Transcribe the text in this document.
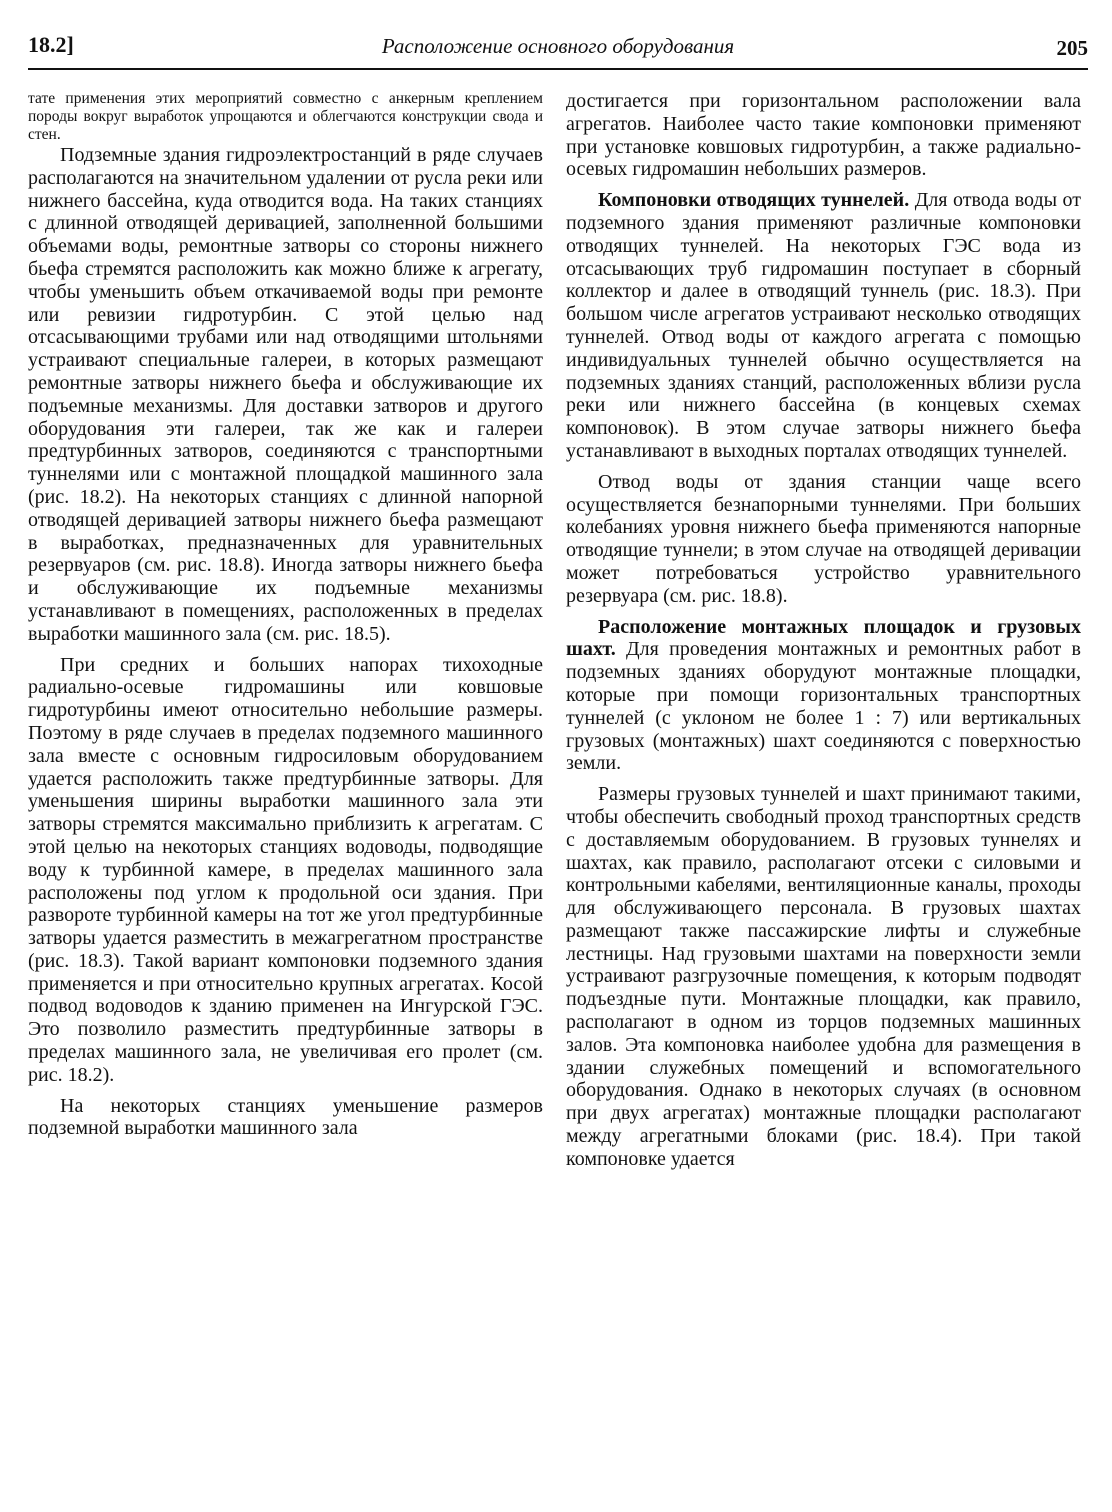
18.2]	Расположение основного оборудования	205

тате применения этих мероприятий совместно с анкерным креплением породы вокруг выработок упрощаются и облегчаются конструкции свода и стен.

Подземные здания гидроэлектростанций в ряде случаев располагаются на значительном удалении от русла реки или нижнего бассейна, куда отводится вода. На таких станциях с длинной отводящей деривацией, заполненной большими объемами воды, ремонтные затворы со стороны нижнего бьефа стремятся расположить как можно ближе к агрегату, чтобы уменьшить объем откачиваемой воды при ремонте или ревизии гидротурбин. С этой целью над отсасывающими трубами или над отводящими штольнями устраивают специальные галереи, в которых размещают ремонтные затворы нижнего бьефа и обслуживающие их подъемные механизмы. Для доставки затворов и другого оборудования эти галереи, так же как и галереи предтурбинных затворов, соединяются с транспортными туннелями или с монтажной площадкой машинного зала (рис. 18.2). На некоторых станциях с длинной напорной отводящей деривацией затворы нижнего бьефа размещают в выработках, предназначенных для уравнительных резервуаров (см. рис. 18.8). Иногда затворы нижнего бьефа и обслуживающие их подъемные механизмы устанавливают в помещениях, расположенных в пределах выработки машинного зала (см. рис. 18.5).

При средних и больших напорах тихоходные радиально-осевые гидромашины или ковшовые гидротурбины имеют относительно небольшие размеры. Поэтому в ряде случаев в пределах подземного машинного зала вместе с основным гидросиловым оборудованием удается расположить также предтурбинные затворы. Для уменьшения ширины выработки машинного зала эти затворы стремятся максимально приблизить к агрегатам. С этой целью на некоторых станциях водоводы, подводящие воду к турбинной камере, в пределах машинного зала расположены под углом к продольной оси здания. При развороте турбинной камеры на тот же угол предтурбинные затворы удается разместить в межагрегатном пространстве (рис. 18.3). Такой вариант компоновки подземного здания применяется и при относительно крупных агрегатах. Косой подвод водоводов к зданию применен на Ингурской ГЭС. Это позволило разместить предтурбинные затворы в пределах машинного зала, не увеличивая его пролет (см. рис. 18.2).

На некоторых станциях уменьшение размеров подземной выработки машинного зала

достигается при горизонтальном расположении вала агрегатов. Наиболее часто такие компоновки применяют при установке ковшовых гидротурбин, а также радиально-осевых гидромашин небольших размеров.

Компоновки отводящих туннелей. Для отвода воды от подземного здания применяют различные компоновки отводящих туннелей. На некоторых ГЭС вода из отсасывающих труб гидромашин поступает в сборный коллектор и далее в отводящий туннель (рис. 18.3). При большом числе агрегатов устраивают несколько отводящих туннелей. Отвод воды от каждого агрегата с помощью индивидуальных туннелей обычно осуществляется на подземных зданиях станций, расположенных вблизи русла реки или нижнего бассейна (в концевых схемах компоновок). В этом случае затворы нижнего бьефа устанавливают в выходных порталах отводящих туннелей.

Отвод воды от здания станции чаще всего осуществляется безнапорными туннелями. При больших колебаниях уровня нижнего бьефа применяются напорные отводящие туннели; в этом случае на отводящей деривации может потребоваться устройство уравнительного резервуара (см. рис. 18.8).

Расположение монтажных площадок и грузовых шахт. Для проведения монтажных и ремонтных работ в подземных зданиях оборудуют монтажные площадки, которые при помощи горизонтальных транспортных туннелей (с уклоном не более 1 : 7) или вертикальных грузовых (монтажных) шахт соединяются с поверхностью земли.

Размеры грузовых туннелей и шахт принимают такими, чтобы обеспечить свободный проход транспортных средств с доставляемым оборудованием. В грузовых туннелях и шахтах, как правило, располагают отсеки с силовыми и контрольными кабелями, вентиляционные каналы, проходы для обслуживающего персонала. В грузовых шахтах размещают также пассажирские лифты и служебные лестницы. Над грузовыми шахтами на поверхности земли устраивают разгрузочные помещения, к которым подводят подъездные пути. Монтажные площадки, как правило, располагают в одном из торцов подземных машинных залов. Эта компоновка наиболее удобна для размещения в здании служебных помещений и вспомогательного оборудования. Однако в некоторых случаях (в основном при двух агрегатах) монтажные площадки располагают между агрегатными блоками (рис. 18.4). При такой компоновке удается
